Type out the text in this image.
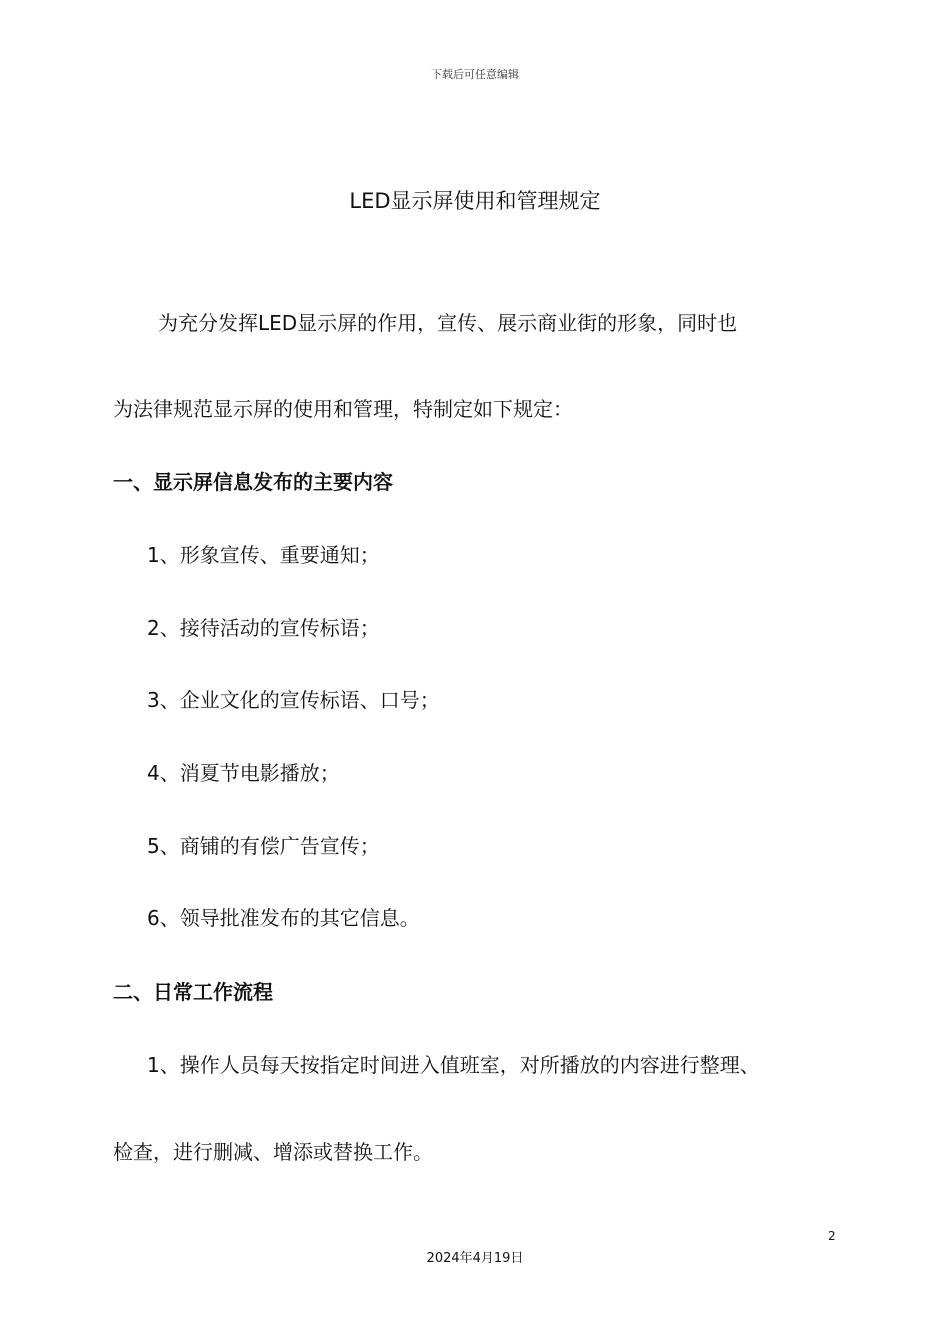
下载后可任意编辑
LED显示屏使用和管理规定
为充分发挥LED显示屏的作用，宣传、展示商业街的形象，同时也
为法律规范显示屏的使用和管理，特制定如下规定：
一、显示屏信息发布的主要内容
1、形象宣传、重要通知；
2、接待活动的宣传标语；
3、企业文化的宣传标语、口号；
4、消夏节电影播放；
5、商铺的有偿广告宣传；
6、领导批准发布的其它信息。
二、日常工作流程
1、操作人员每天按指定时间进入值班室，对所播放的内容进行整理、
检查，进行删减、增添或替换工作。
2
2024年4月19日
